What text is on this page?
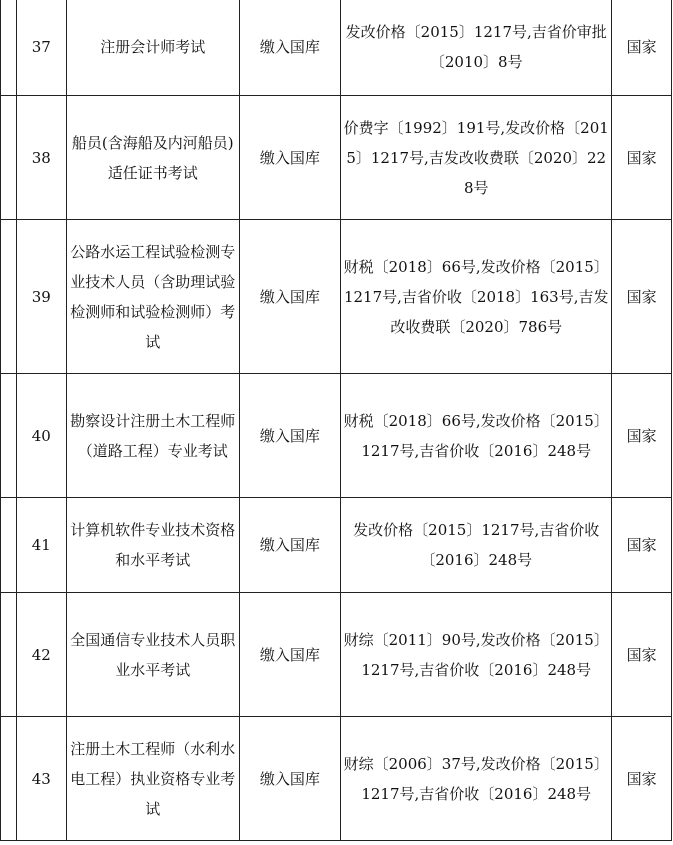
	37	注册会计师考试	缴入国库	发改价格〔2015〕1217号,吉省价审批〔2010〕8号	国家
	38	船员(含海船及内河船员)适任证书考试	缴入国库	价费字〔1992〕191号,发改价格〔2015〕1217号,吉发改收费联〔2020〕228号	国家
	39	公路水运工程试验检测专业技术人员（含助理试验检测师和试验检测师）考试	缴入国库	财税〔2018〕66号,发改价格〔2015〕1217号,吉省价收〔2018〕163号,吉发改收费联〔2020〕786号	国家
	40	勘察设计注册土木工程师（道路工程）专业考试	缴入国库	财税〔2018〕66号,发改价格〔2015〕1217号,吉省价收〔2016〕248号	国家
	41	计算机软件专业技术资格和水平考试	缴入国库	发改价格〔2015〕1217号,吉省价收〔2016〕248号	国家
	42	全国通信专业技术人员职业水平考试	缴入国库	财综〔2011〕90号,发改价格〔2015〕1217号,吉省价收〔2016〕248号	国家
	43	注册土木工程师（水利水电工程）执业资格专业考试	缴入国库	财综〔2006〕37号,发改价格〔2015〕1217号,吉省价收〔2016〕248号	国家
